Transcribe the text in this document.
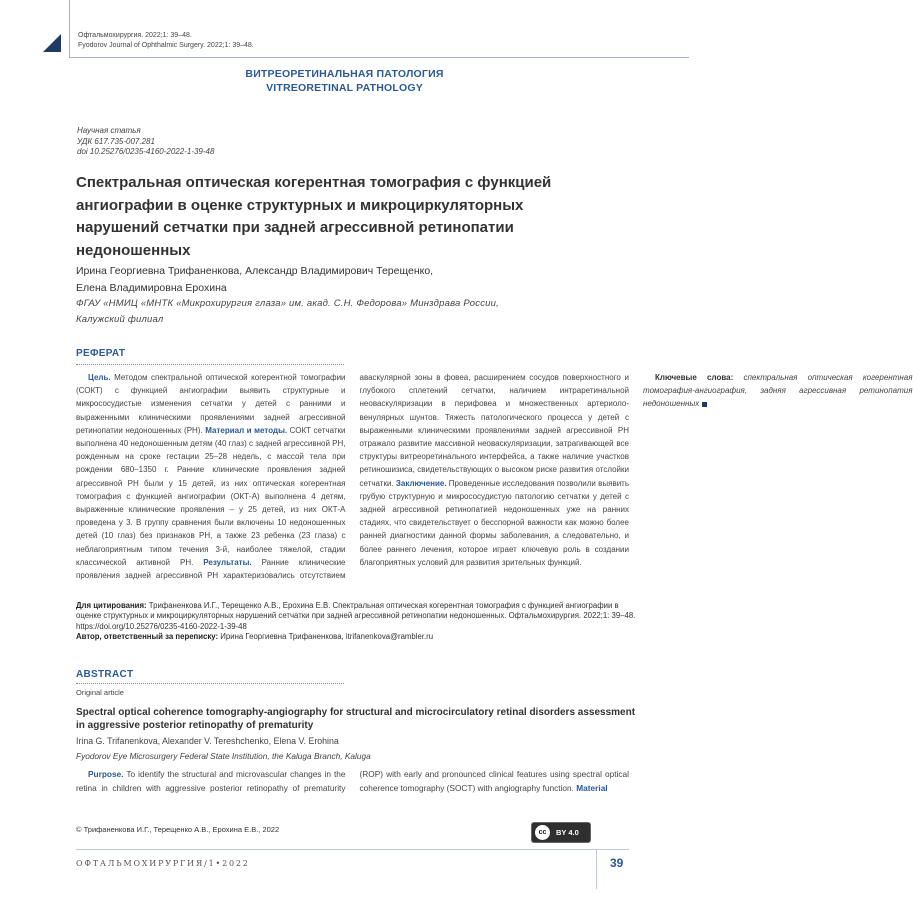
Офтальмохирургия. 2022;1: 39–48.
Fyodorov Journal of Ophthalmic Surgery. 2022;1: 39–48.
ВИТРЕОРЕТИНАЛЬНАЯ ПАТОЛОГИЯ
VITREORETINAL PATHOLOGY
Научная статья
УДК 617.735-007.281
doi 10.25276/0235-4160-2022-1-39-48
Спектральная оптическая когерентная томография с функцией ангиографии в оценке структурных и микроциркуляторных нарушений сетчатки при задней агрессивной ретинопатии недоношенных
Ирина Георгиевна Трифаненкова, Александр Владимирович Терещенко,
Елена Владимировна Ерохина
ФГАУ «НМИЦ «МНТК «Микрохирургия глаза» им. акад. С.Н. Федорова» Минздрава России,
Калужский филиал
РЕФЕРАТ

Цель. Методом спектральной оптической когерентной томографии (СОКТ) с функцией ангиографии выявить структурные и микрососудистые изменения сетчатки у детей с ранними и выраженными клиническими проявлениями задней агрессивной ретинопатии недоношенных (РН). Материал и методы. СОКТ сетчатки выполнена 40 недоношенным детям (40 глаз) с задней агрессивной РН, рожденным на сроке гестации 25–28 недель, с массой тела при рождении 680–1350 г. Ранние клинические проявления задней агрессивной РН были у 15 детей, из них оптическая когерентная томография с функцией ангиографии (ОКТ-А) выполнена 4 детям, выраженные клинические проявления – у 25 детей, из них ОКТ-А проведена у 3. В группу сравнения были включены 10 недоношенных детей (10 глаз) без признаков РН, а также 23 ребенка (23 глаза) с неблагоприятным типом течения 3-й, наиболее тяжелой, стадии классической активной РН. Результаты. Ранние клинические проявления задней агрессивной РН характеризовались отсутствием аваскулярной зоны в фовеа, расширением сосудов поверхностного и глубокого сплетений сетчатки, наличием интраретинальной неоваскуляризации в перифовеа и множественных артериоло-венулярных шунтов. Тяжесть патологического процесса у детей с выраженными клиническими проявлениями задней агрессивной РН отражало развитие массивной неоваскуляризации, затрагивающей все структуры витреоретинального интерфейса, а также наличие участков ретиношизиса, свидетельствующих о высоком риске развития отслойки сетчатки. Заключение. Проведенные исследования позволили выявить грубую структурную и микрососудистую патологию сетчатки у детей с задней агрессивной ретинопатией недоношенных уже на ранних стадиях, что свидетельствует о бесспорной важности как можно более ранней диагностики данной формы заболевания, а следовательно, и более раннего лечения, которое играет ключевую роль в создании благоприятных условий для развития зрительных функций.

Ключевые слова: спектральная оптическая когерентная томография-ангиография, задняя агрессивная ретинопатия недоношенных

Для цитирования: Трифаненкова И.Г., Терещенко А.В., Ерохина Е.В. Спектральная оптическая когерентная томография с функцией ангиографии в оценке структурных и микроциркуляторных нарушений сетчатки при задней агрессивной ретинопатии недоношенных. Офтальмохирургия. 2022;1: 39–48. https://doi.org/10.25276/0235-4160-2022-1-39-48
Автор, ответственный за переписку: Ирина Георгиевна Трифаненкова, itrifanenkova@rambler.ru
ABSTRACT
Original article
Spectral optical coherence tomography-angiography for structural and microcirculatory retinal disorders assessment in aggressive posterior retinopathy of prematurity
Irina G. Trifanenkova, Alexander V. Tereshchenko, Elena V. Erohina
Fyodorov Eye Microsurgery Federal State Institution, the Kaluga Branch, Kaluga

Purpose. To identify the structural and microvascular changes in the retina in children with aggressive posterior retinopathy of prematurity (ROP) with early and pronounced clinical features using spectral optical coherence tomography (SOCT) with angiography function. Material

© Трифаненкова И.Г., Терещенко А.В., Ерохина Е.В., 2022	cc	BY 4.0
ОФТАЛЬМОХИРУРГИЯ/1•2022	39
